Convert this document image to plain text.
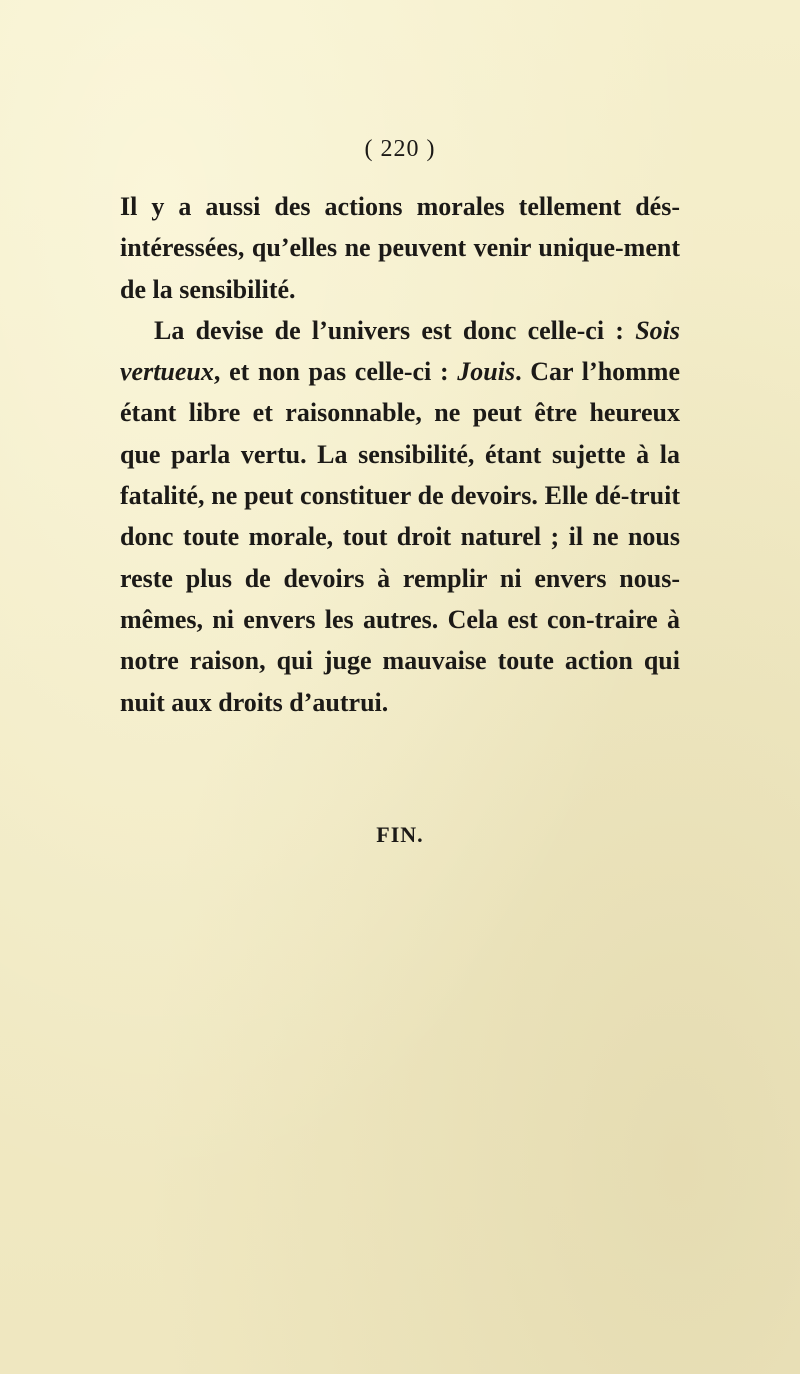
( 220 )

Il y a aussi des actions morales tellement dés-intéressées, qu’elles ne peuvent venir unique-ment de la sensibilité.

La devise de l’univers est donc celle-ci : Sois vertueux, et non pas celle-ci : Jouis. Car l’homme étant libre et raisonnable, ne peut être heureux que parla vertu. La sensibilité, étant sujette à la fatalité, ne peut constituer de devoirs. Elle dé-truit donc toute morale, tout droit naturel ; il ne nous reste plus de devoirs à remplir ni envers nous-mêmes, ni envers les autres. Cela est con-traire à notre raison, qui juge mauvaise toute action qui nuit aux droits d’autrui.

FIN.
